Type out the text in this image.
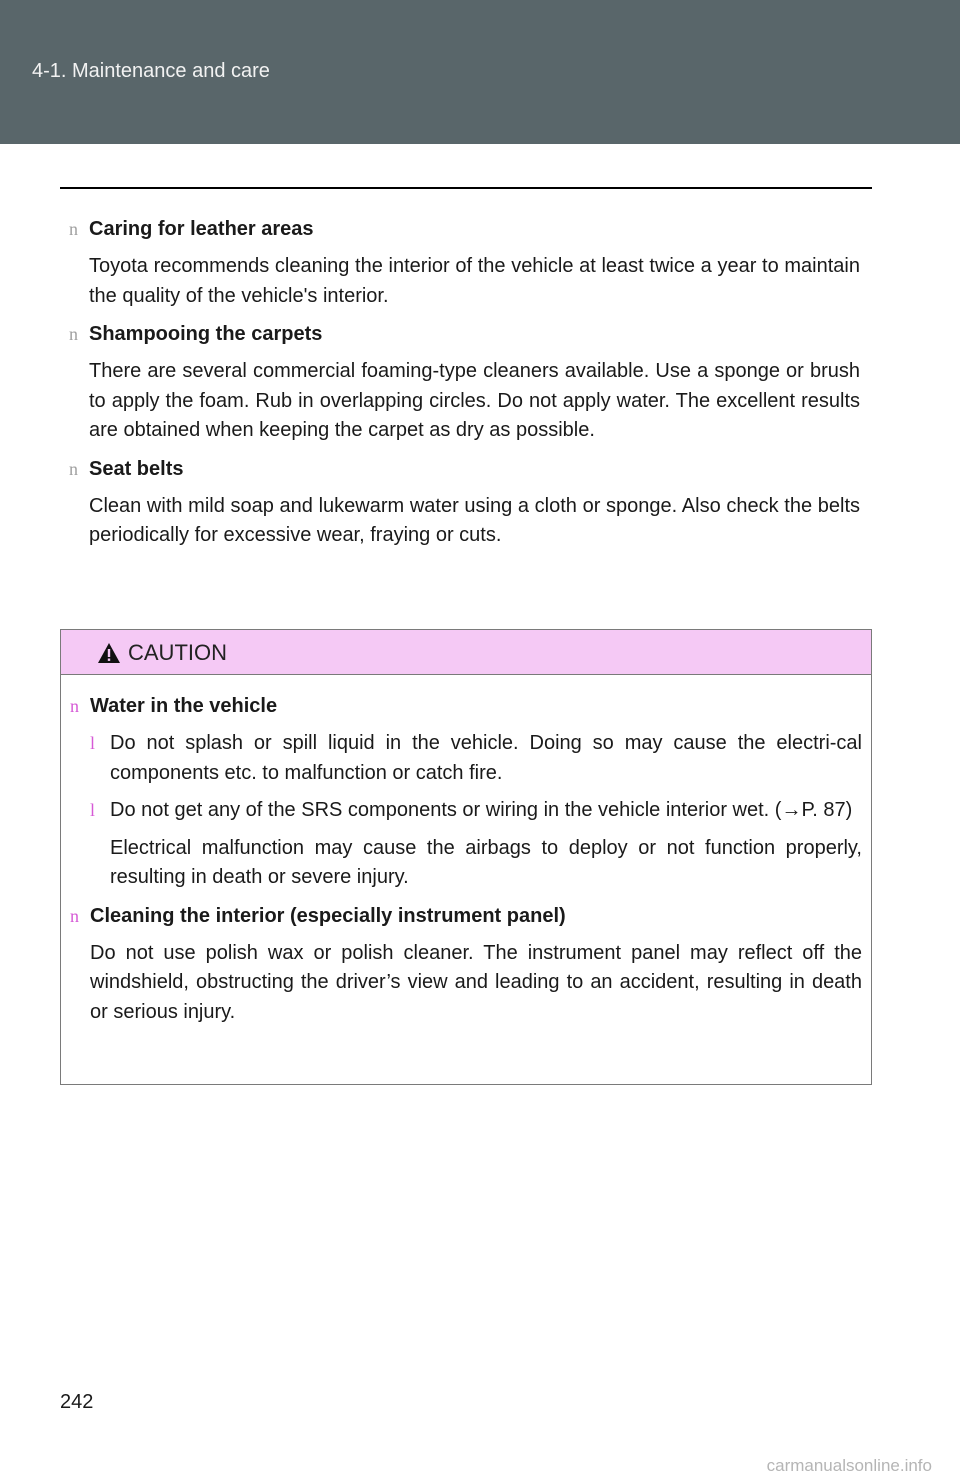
4-1. Maintenance and care
n Caring for leather areas
Toyota recommends cleaning the interior of the vehicle at least twice a year to maintain the quality of the vehicle's interior.
n Shampooing the carpets
There are several commercial foaming-type cleaners available. Use a sponge or brush to apply the foam. Rub in overlapping circles. Do not apply water. The excellent results are obtained when keeping the carpet as dry as possible.
n Seat belts
Clean with mild soap and lukewarm water using a cloth or sponge. Also check the belts periodically for excessive wear, fraying or cuts.
CAUTION
n Water in the vehicle
l Do not splash or spill liquid in the vehicle. Doing so may cause the electri-cal components etc. to malfunction or catch fire.
l Do not get any of the SRS components or wiring in the vehicle interior wet. (→P. 87)
Electrical malfunction may cause the airbags to deploy or not function properly, resulting in death or severe injury.
n Cleaning the interior (especially instrument panel)
Do not use polish wax or polish cleaner. The instrument panel may reflect off the windshield, obstructing the driver’s view and leading to an accident, resulting in death or serious injury.
242
carmanualsonline.info
